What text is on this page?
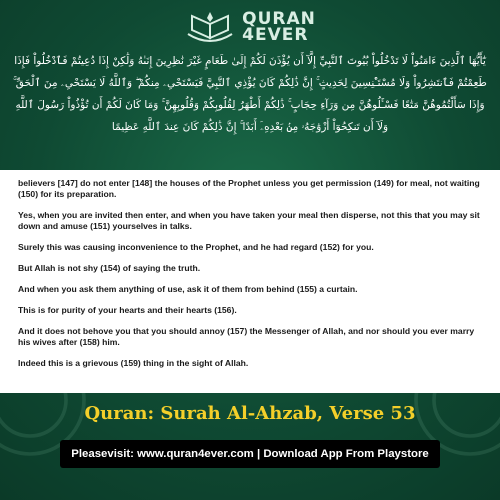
QURAN
4EVER
يَٰٓأَيُّهَا ٱلَّذِينَ ءَامَنُواْ لَا تَدْخُلُواْ بُيُوتَ ٱلنَّبِيِّ إِلَّآ أَن يُؤْذَنَ لَكُمْ إِلَىٰ طَعَامٍ غَيْرَ نَٰظِرِينَ إِنَىٰهُ وَلَٰكِنْ إِذَا دُعِيتُمْ فَٱدْخُلُواْ فَإِذَا طَعِمْتُمْ فَٱنتَشِرُواْ وَلَا مُسْتَـْٔنِسِينَ لِحَدِيثٍ ۚ إِنَّ ذَٰلِكُمْ كَانَ يُؤْذِي ٱلنَّبِيَّ فَيَسْتَحْىِۦ مِنكُمْ ۖ وَٱللَّهُ لَا يَسْتَحْىِۦ مِنَ ٱلْحَقِّ ۚ وَإِذَا سَأَلْتُمُوهُنَّ مَتَٰعًا فَسْـَٔلُوهُنَّ مِن وَرَآءِ حِجَابٍ ۚ ذَٰلِكُمْ أَطْهَرُ لِقُلُوبِكُمْ وَقُلُوبِهِنَّ ۚ وَمَا كَانَ لَكُمْ أَن تُؤْذُواْ رَسُولَ ٱللَّهِ وَلَآ أَن تَنكِحُوٓاْ أَزْوَٰجَهُۥ مِنۢ بَعْدِهِۦٓ أَبَدًا ۚ إِنَّ ذَٰلِكُمْ كَانَ عِندَ ٱللَّهِ عَظِيمًا

believers [147] do not enter [148] the houses of the Prophet unless you get permission (149) for meal, not waiting (150) for its preparation.

Yes, when you are invited then enter, and when you have taken your meal then disperse, not this that you may sit down and amuse (151) yourselves in talks.

Surely this was causing inconvenience to the Prophet, and he had regard (152) for you.

But Allah is not shy (154) of saying the truth.

And when you ask them anything of use, ask it of them from behind (155) a curtain.

This is for purity of your hearts and their hearts (156).

And it does not behove you that you should annoy (157) the Messenger of Allah, and nor should you ever marry his wives after (158) him.

Indeed this is a grievous (159) thing in the sight of Allah.

Quran: Surah Al-Ahzab, Verse 53
Pleasevisit: www.quran4ever.com | Download App From Playstore
